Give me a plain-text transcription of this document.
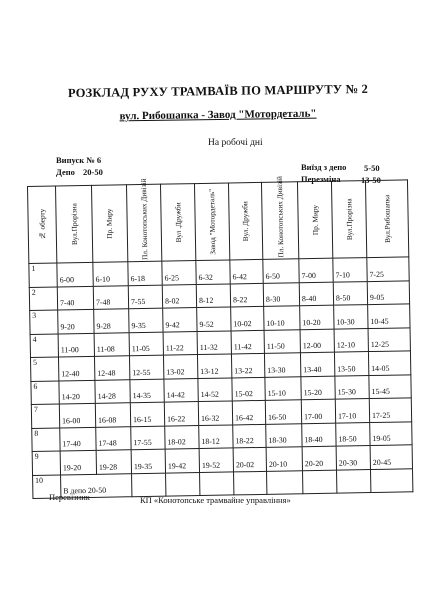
РОЗКЛАД РУХУ ТРАМВАЇВ ПО МАРШРУТУ № 2
вул. Рибошапка - Завод "Мотордеталь"
На робочі дні
Випуск № 6
Депо 20-50	Виїзд з депо 5-50
Перезміна 13-50
№ оберту	Вул.Прорізна	Пр. Миру	Пл. Конотопських Дивізій	Вул .Дружби	Завод "Мотордеталь"	Вул. Дружби	Пл. Конотопських Дивізій	Пр. Миру	Вул.Прорізна	Вул.Рибошапка

1	6-00	6-10	6-18	6-25	6-32	6-42	6-50	7-00	7-10	7-25
2	7-40	7-48	7-55	8-02	8-12	8-22	8-30	8-40	8-50	9-05
3	9-20	9-28	9-35	9-42	9-52	10-02	10-10	10-20	10-30	10-45
4	11-00	11-08	11-05	11-22	11-32	11-42	11-50	12-00	12-10	12-25
5	12-40	12-48	12-55	13-02	13-12	13-22	13-30	13-40	13-50	14-05
6	14-20	14-28	14-35	14-42	14-52	15-02	15-10	15-20	15-30	15-45
7	16-00	16-08	16-15	16-22	16-32	16-42	16-50	17-00	17-10	17-25
8	17-40	17-48	17-55	18-02	18-12	18-22	18-30	18-40	18-50	19-05
9	19-20	19-28	19-35	19-42	19-52	20-02	20-10	20-20	20-30	20-45
10	В депо 20-50									
Перевізник	КП «Конотопське трамвайне управління»
